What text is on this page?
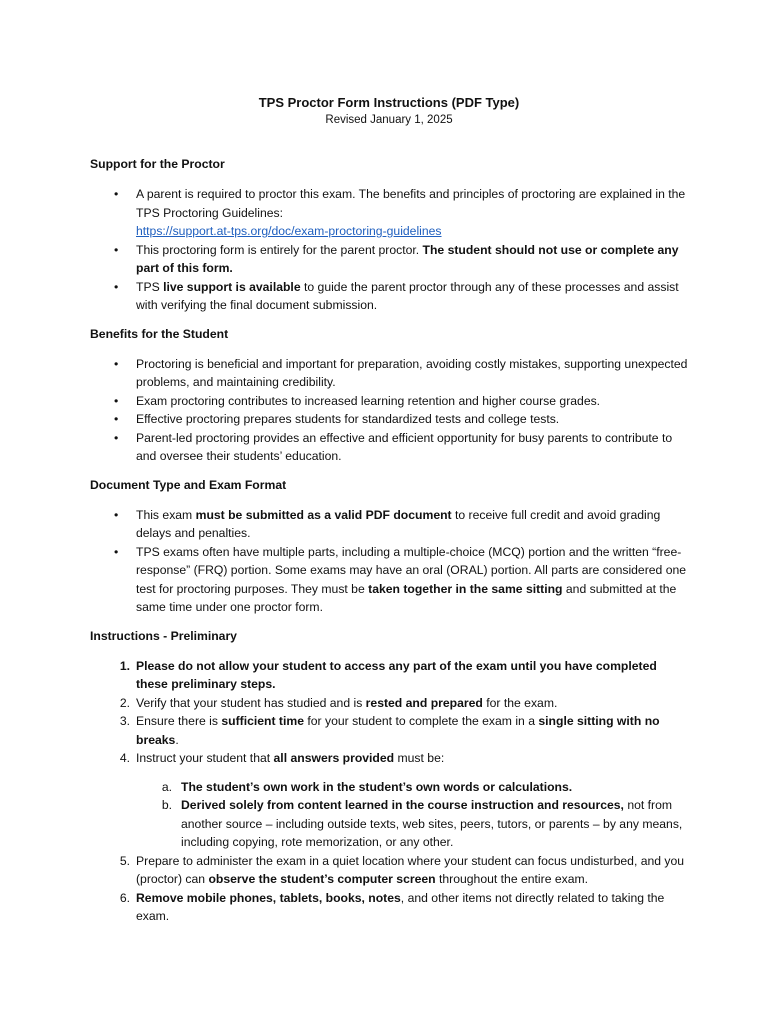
TPS Proctor Form Instructions (PDF Type)
Revised January 1, 2025
Support for the Proctor
• A parent is required to proctor this exam. The benefits and principles of proctoring are explained in the TPS Proctoring Guidelines:
https://support.at-tps.org/doc/exam-proctoring-guidelines
• This proctoring form is entirely for the parent proctor. The student should not use or complete any part of this form.
• TPS live support is available to guide the parent proctor through any of these processes and assist with verifying the final document submission.
Benefits for the Student
• Proctoring is beneficial and important for preparation, avoiding costly mistakes, supporting unexpected problems, and maintaining credibility.
• Exam proctoring contributes to increased learning retention and higher course grades.
• Effective proctoring prepares students for standardized tests and college tests.
• Parent-led proctoring provides an effective and efficient opportunity for busy parents to contribute to and oversee their students’ education.
Document Type and Exam Format
• This exam must be submitted as a valid PDF document to receive full credit and avoid grading delays and penalties.
• TPS exams often have multiple parts, including a multiple-choice (MCQ) portion and the written “free-response” (FRQ) portion. Some exams may have an oral (ORAL) portion. All parts are considered one test for proctoring purposes. They must be taken together in the same sitting and submitted at the same time under one proctor form.
Instructions - Preliminary
1. Please do not allow your student to access any part of the exam until you have completed these preliminary steps.
2. Verify that your student has studied and is rested and prepared for the exam.
3. Ensure there is sufficient time for your student to complete the exam in a single sitting with no breaks.
4. Instruct your student that all answers provided must be:
a. The student’s own work in the student’s own words or calculations.
b. Derived solely from content learned in the course instruction and resources, not from another source – including outside texts, web sites, peers, tutors, or parents – by any means, including copying, rote memorization, or any other.
5. Prepare to administer the exam in a quiet location where your student can focus undisturbed, and you (proctor) can observe the student’s computer screen throughout the entire exam.
6. Remove mobile phones, tablets, books, notes, and other items not directly related to taking the exam.
